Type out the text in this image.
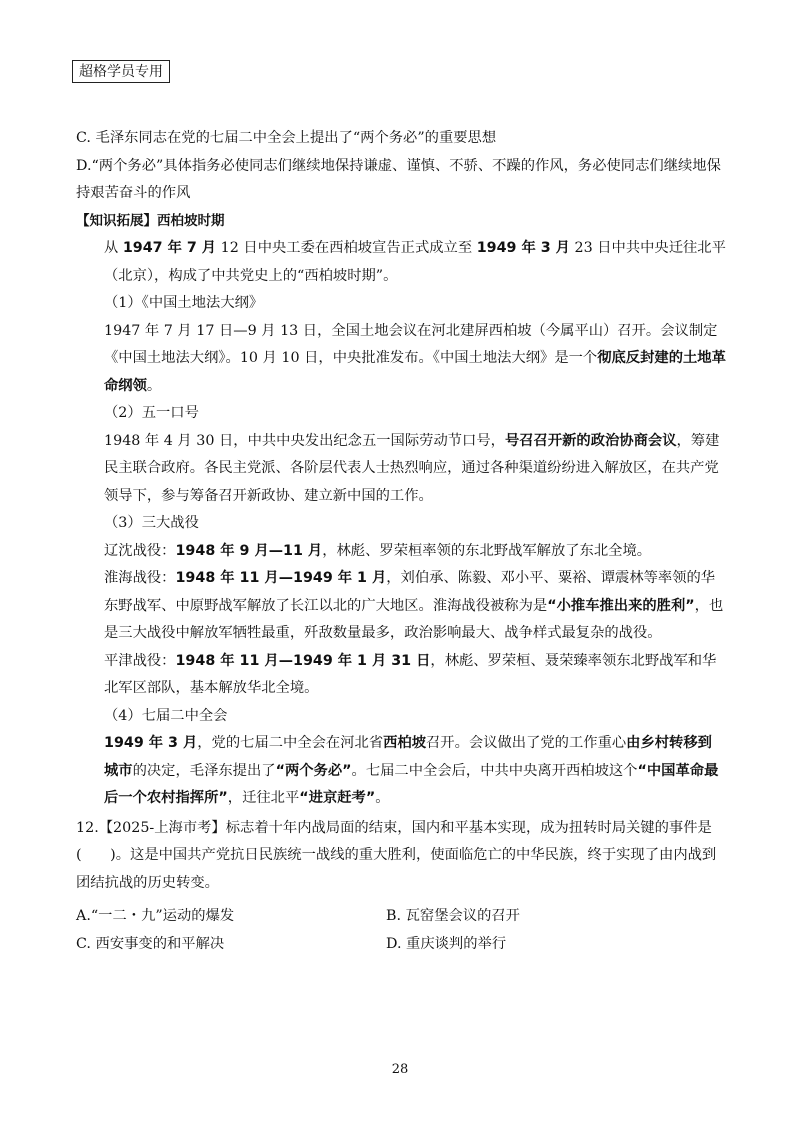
超格学员专用

C. 毛泽东同志在党的七届二中全会上提出了“两个务必”的重要思想

D.“两个务必”具体指务必使同志们继续地保持谦虚、谨慎、不骄、不躁的作风，务必使同志们继续地保持艰苦奋斗的作风

【知识拓展】西柏坡时期

从 1947 年 7 月 12 日中央工委在西柏坡宣告正式成立至 1949 年 3 月 23 日中共中央迁往北平（北京），构成了中共党史上的“西柏坡时期”。

（1）《中国土地法大纲》

1947 年 7 月 17 日—9 月 13 日，全国土地会议在河北建屏西柏坡（今属平山）召开。会议制定《中国土地法大纲》。10 月 10 日，中央批准发布。《中国土地法大纲》是一个彻底反封建的土地革命纲领。

（2）五一口号

1948 年 4 月 30 日，中共中央发出纪念五一国际劳动节口号，号召召开新的政治协商会议，筹建民主联合政府。各民主党派、各阶层代表人士热烈响应，通过各种渠道纷纷进入解放区，在共产党领导下，参与筹备召开新政协、建立新中国的工作。

（3）三大战役

辽沈战役：1948 年 9 月—11 月，林彪、罗荣桓率领的东北野战军解放了东北全境。

淮海战役：1948 年 11 月—1949 年 1 月，刘伯承、陈毅、邓小平、粟裕、谭震林等率领的华东野战军、中原野战军解放了长江以北的广大地区。淮海战役被称为是“小推车推出来的胜利”，也是三大战役中解放军牺牲最重，歼敌数量最多，政治影响最大、战争样式最复杂的战役。

平津战役：1948 年 11 月—1949 年 1 月 31 日，林彪、罗荣桓、聂荣臻率领东北野战军和华北军区部队，基本解放华北全境。

（4）七届二中全会

1949 年 3 月，党的七届二中全会在河北省西柏坡召开。会议做出了党的工作重心由乡村转移到城市的决定，毛泽东提出了“两个务必”。七届二中全会后，中共中央离开西柏坡这个“中国革命最后一个农村指挥所”，迁往北平“进京赶考”。

12.【2025-上海市考】标志着十年内战局面的结束，国内和平基本实现，成为扭转时局关键的事件是(　　)。这是中国共产党抗日民族统一战线的重大胜利，使面临危亡的中华民族，终于实现了由内战到团结抗战的历史转变。

A.“一二・九”运动的爆发	B. 瓦窑堡会议的召开
C. 西安事变的和平解决	D. 重庆谈判的举行
28
